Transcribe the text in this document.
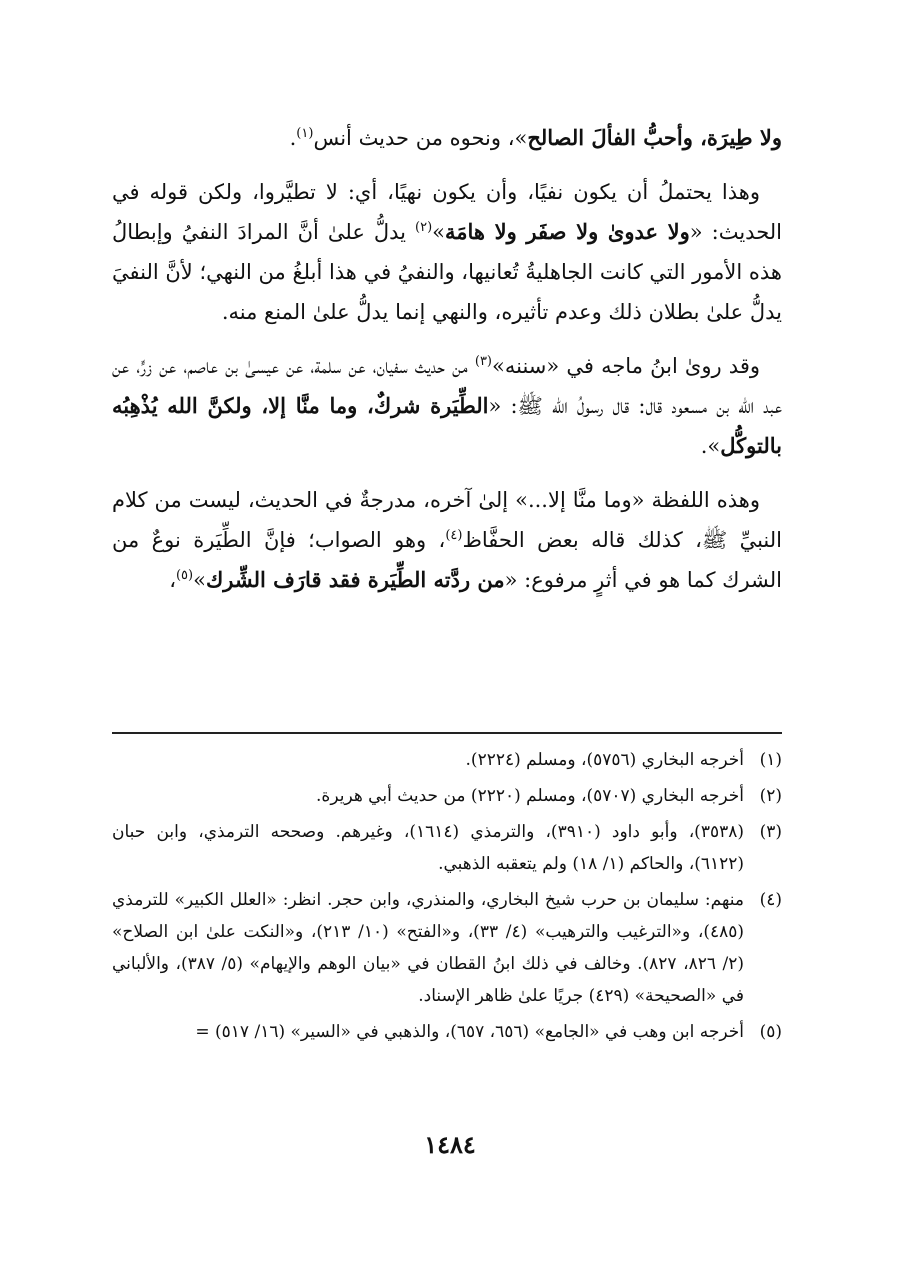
ولا طِيرَة، وأحبُّ الفألَ الصالح»، ونحوه من حديث أنس$^{(١)}$.

وهذا يحتملُ أن يكون نفيًا، وأن يكون نهيًا، أي: لا تطيَّروا، ولكن قوله في الحديث: «ولا عدوىٰ ولا صفَر ولا هامَة»$^{(٢)}$ يدلُّ علىٰ أنَّ المرادَ النفيُ وإبطالُ هذه الأمور التي كانت الجاهليةُ تُعانيها، والنفيُ في هذا أبلغُ من النهي؛ لأنَّ النفيَ يدلُّ علىٰ بطلان ذلك وعدم تأثيره، والنهي إنما يدلُّ علىٰ المنع منه.

وقد روىٰ ابنُ ماجه في «سننه»$^{(٣)}$ من حديث سفيان، عن سلمة، عن عيسىٰ بن عاصم، عن زرٍّ، عن عبد الله بن مسعود قال: قال رسولُ الله ﷺ: «الطِّيَرة شركٌ، وما منَّا إلا، ولكنَّ الله يُذْهِبُه بالتوكُّل».

وهذه اللفظة «وما منَّا إلا...» إلىٰ آخره، مدرجةٌ في الحديث، ليست من كلام النبيِّ ﷺ، كذلك قاله بعض الحفَّاظ$^{(٤)}$، وهو الصواب؛ فإنَّ الطِّيَرة نوعٌ من الشرك كما هو في أثرٍ مرفوع: «من ردَّته الطِّيَرة فقد قارَف الشِّرك»$^{(٥)}$،

(١)
أخرجه البخاري (٥٧٥٦)، ومسلم (٢٢٢٤).
(٢)
أخرجه البخاري (٥٧٠٧)، ومسلم (٢٢٢٠) من حديث أبي هريرة.
(٣)
(٣٥٣٨)، وأبو داود (٣٩١٠)، والترمذي (١٦١٤)، وغيرهم. وصححه الترمذي، وابن حبان (٦١٢٢)، والحاكم (١/ ١٨) ولم يتعقبه الذهبي.
(٤)
منهم: سليمان بن حرب شيخ البخاري، والمنذري، وابن حجر. انظر: «العلل الكبير» للترمذي (٤٨٥)، و«الترغيب والترهيب» (٤/ ٣٣)، و«الفتح» (١٠/ ٢١٣)، و«النكت علىٰ ابن الصلاح» (٢/ ٨٢٦، ٨٢٧). وخالف في ذلك ابنُ القطان في «بيان الوهم والإيهام» (٥/ ٣٨٧)، والألباني في «الصحيحة» (٤٢٩) جريًا علىٰ ظاهر الإسناد.
(٥)
أخرجه ابن وهب في «الجامع» (٦٥٦، ٦٥٧)، والذهبي في «السير» (١٦/ ٥١٧) =
١٤٨٤
